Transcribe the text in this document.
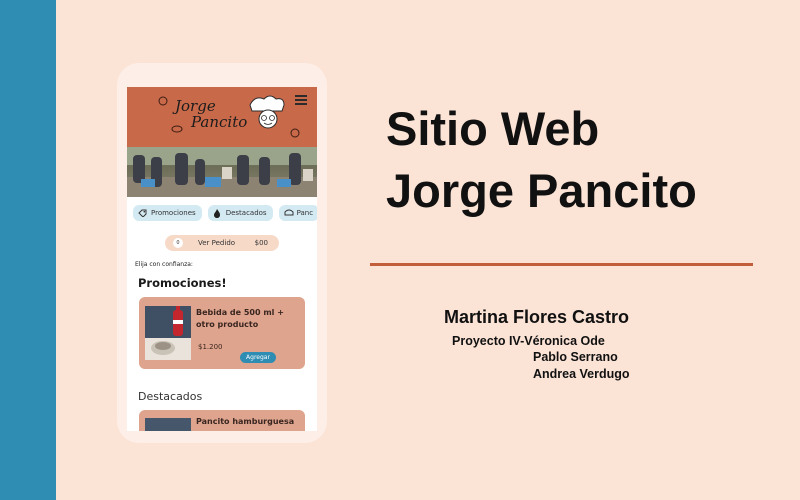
Jorge
Pancito
Promociones	Destacados	Panc
0	Ver Pedido	$00
Elija con confianza:
Promociones!
Bebida de 500 ml + otro producto
$1.200
Agregar
Destacados
Pancito hamburguesa
Sitio Web
Jorge Pancito
Martina Flores Castro
Proyecto IV-Véronica Ode
Pablo Serrano
Andrea Verdugo
